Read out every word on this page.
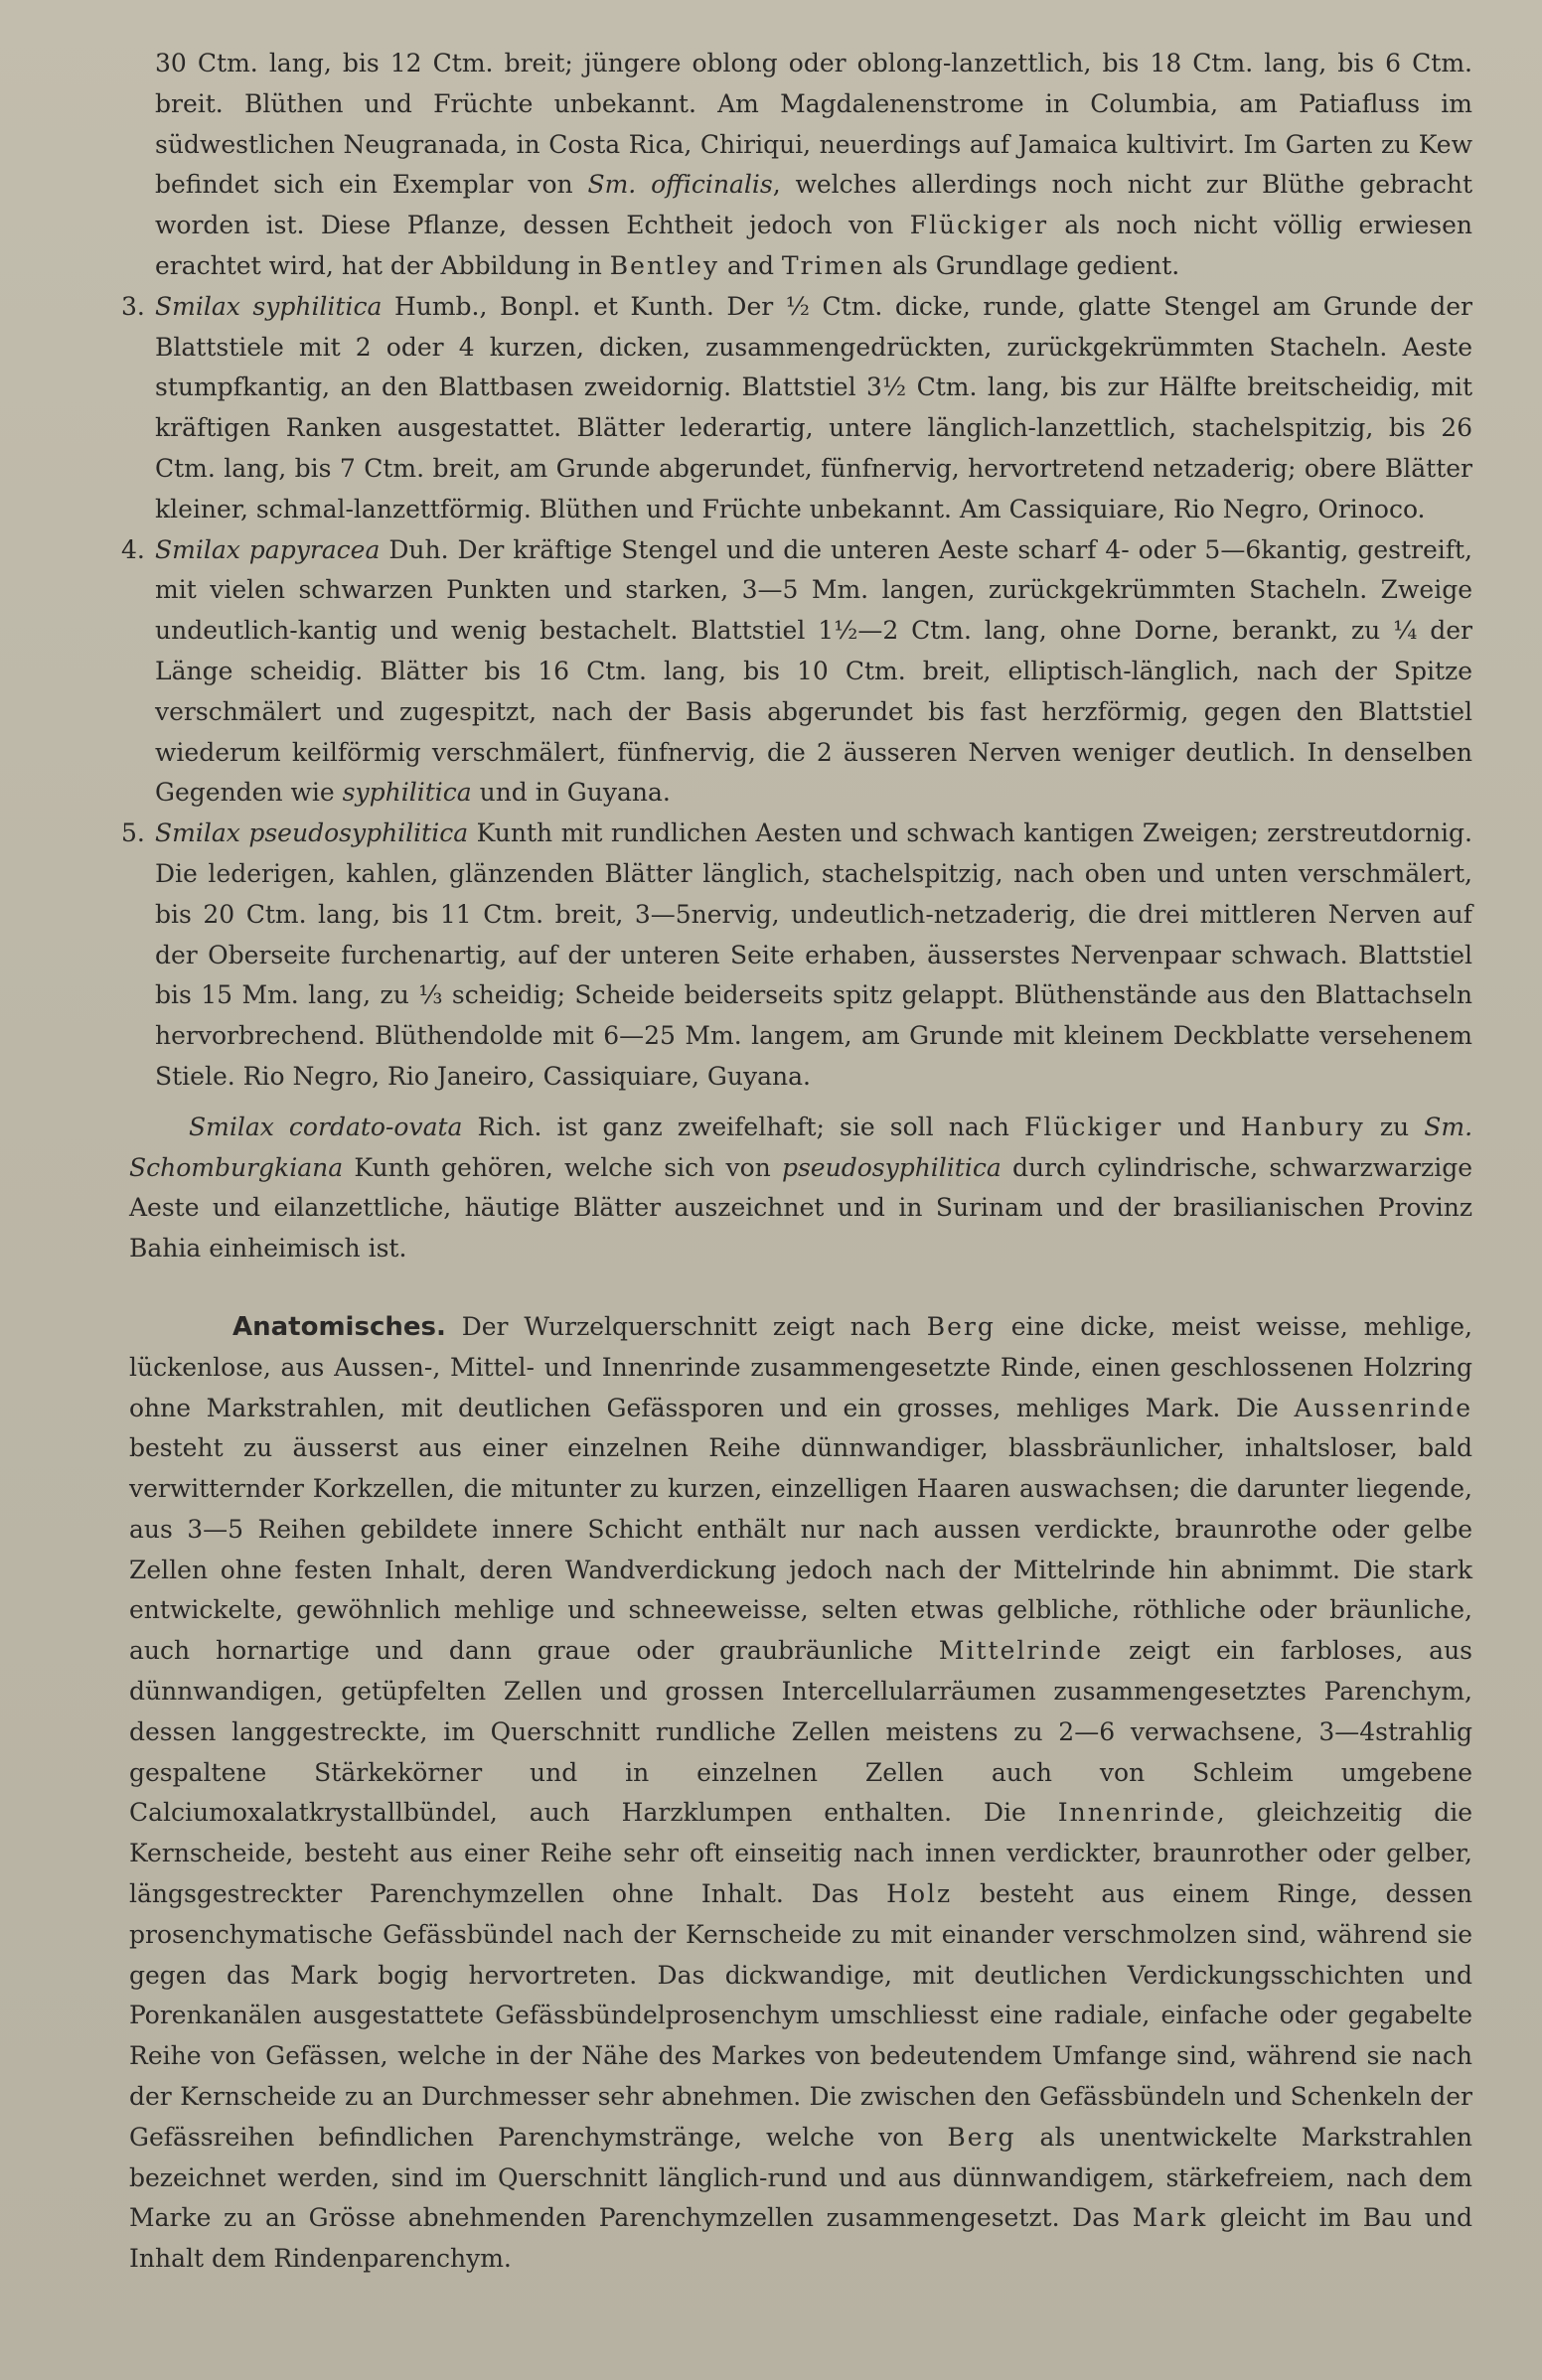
30 Ctm. lang, bis 12 Ctm. breit; jüngere oblong oder oblong-lanzettlich, bis 18 Ctm. lang, bis 6 Ctm. breit. Blüthen und Früchte unbekannt. Am Magdalenenstrome in Columbia, am Patiafluss im südwestlichen Neugranada, in Costa Rica, Chiriqui, neuerdings auf Jamaica kultivirt. Im Garten zu Kew befindet sich ein Exemplar von Sm. officinalis, welches allerdings noch nicht zur Blüthe gebracht worden ist. Diese Pflanze, dessen Echtheit jedoch von Flückiger als noch nicht völlig erwiesen erachtet wird, hat der Abbildung in Bentley and Trimen als Grundlage gedient.

3. Smilax syphilitica Humb., Bonpl. et Kunth. Der ½ Ctm. dicke, runde, glatte Stengel am Grunde der Blattstiele mit 2 oder 4 kurzen, dicken, zusammengedrückten, zurückgekrümmten Stacheln. Aeste stumpfkantig, an den Blattbasen zweidornig. Blattstiel 3½ Ctm. lang, bis zur Hälfte breitscheidig, mit kräftigen Ranken ausgestattet. Blätter lederartig, untere länglich-lanzettlich, stachelspitzig, bis 26 Ctm. lang, bis 7 Ctm. breit, am Grunde abgerundet, fünfnervig, hervortretend netzaderig; obere Blätter kleiner, schmal-lanzettförmig. Blüthen und Früchte unbekannt. Am Cassiquiare, Rio Negro, Orinoco.

4. Smilax papyracea Duh. Der kräftige Stengel und die unteren Aeste scharf 4- oder 5—6kantig, gestreift, mit vielen schwarzen Punkten und starken, 3—5 Mm. langen, zurückgekrümmten Stacheln. Zweige undeutlich-kantig und wenig bestachelt. Blattstiel 1½—2 Ctm. lang, ohne Dorne, berankt, zu ¼ der Länge scheidig. Blätter bis 16 Ctm. lang, bis 10 Ctm. breit, elliptisch-länglich, nach der Spitze verschmälert und zugespitzt, nach der Basis abgerundet bis fast herzförmig, gegen den Blattstiel wiederum keilförmig verschmälert, fünfnervig, die 2 äusseren Nerven weniger deutlich. In denselben Gegenden wie syphilitica und in Guyana.

5. Smilax pseudosyphilitica Kunth mit rundlichen Aesten und schwach kantigen Zweigen; zerstreutdornig. Die lederigen, kahlen, glänzenden Blätter länglich, stachelspitzig, nach oben und unten verschmälert, bis 20 Ctm. lang, bis 11 Ctm. breit, 3—5nervig, undeutlich-netzaderig, die drei mittleren Nerven auf der Oberseite furchenartig, auf der unteren Seite erhaben, äusserstes Nervenpaar schwach. Blattstiel bis 15 Mm. lang, zu ⅓ scheidig; Scheide beiderseits spitz gelappt. Blüthenstände aus den Blattachseln hervorbrechend. Blüthendolde mit 6—25 Mm. langem, am Grunde mit kleinem Deckblatte versehenem Stiele. Rio Negro, Rio Janeiro, Cassiquiare, Guyana.

Smilax cordato-ovata Rich. ist ganz zweifelhaft; sie soll nach Flückiger und Hanbury zu Sm. Schomburgkiana Kunth gehören, welche sich von pseudosyphilitica durch cylindrische, schwarzwarzige Aeste und eilanzettliche, häutige Blätter auszeichnet und in Surinam und der brasilianischen Provinz Bahia einheimisch ist.

Anatomisches. Der Wurzelquerschnitt zeigt nach Berg eine dicke, meist weisse, mehlige, lückenlose, aus Aussen-, Mittel- und Innenrinde zusammengesetzte Rinde, einen geschlossenen Holzring ohne Markstrahlen, mit deutlichen Gefässporen und ein grosses, mehliges Mark. Die Aussenrinde besteht zu äusserst aus einer einzelnen Reihe dünnwandiger, blassbräunlicher, inhaltsloser, bald verwitternder Korkzellen, die mitunter zu kurzen, einzelligen Haaren auswachsen; die darunter liegende, aus 3—5 Reihen gebildete innere Schicht enthält nur nach aussen verdickte, braunrothe oder gelbe Zellen ohne festen Inhalt, deren Wandverdickung jedoch nach der Mittelrinde hin abnimmt. Die stark entwickelte, gewöhnlich mehlige und schneeweisse, selten etwas gelbliche, röthliche oder bräunliche, auch hornartige und dann graue oder graubräunliche Mittelrinde zeigt ein farbloses, aus dünnwandigen, getüpfelten Zellen und grossen Intercellularräumen zusammengesetztes Parenchym, dessen langgestreckte, im Querschnitt rundliche Zellen meistens zu 2—6 verwachsene, 3—4strahlig gespaltene Stärkekörner und in einzelnen Zellen auch von Schleim umgebene Calciumoxalatkrystallbündel, auch Harzklumpen enthalten. Die Innenrinde, gleichzeitig die Kernscheide, besteht aus einer Reihe sehr oft einseitig nach innen verdickter, braunrother oder gelber, längsgestreckter Parenchymzellen ohne Inhalt. Das Holz besteht aus einem Ringe, dessen prosenchymatische Gefässbündel nach der Kernscheide zu mit einander verschmolzen sind, während sie gegen das Mark bogig hervortreten. Das dickwandige, mit deutlichen Verdickungsschichten und Porenkanälen ausgestattete Gefässbündelprosenchym umschliesst eine radiale, einfache oder gegabelte Reihe von Gefässen, welche in der Nähe des Markes von bedeutendem Umfange sind, während sie nach der Kernscheide zu an Durchmesser sehr abnehmen. Die zwischen den Gefässbündeln und Schenkeln der Gefässreihen befindlichen Parenchymstränge, welche von Berg als unentwickelte Markstrahlen bezeichnet werden, sind im Querschnitt länglich-rund und aus dünnwandigem, stärkefreiem, nach dem Marke zu an Grösse abnehmenden Parenchymzellen zusammengesetzt. Das Mark gleicht im Bau und Inhalt dem Rindenparenchym.
